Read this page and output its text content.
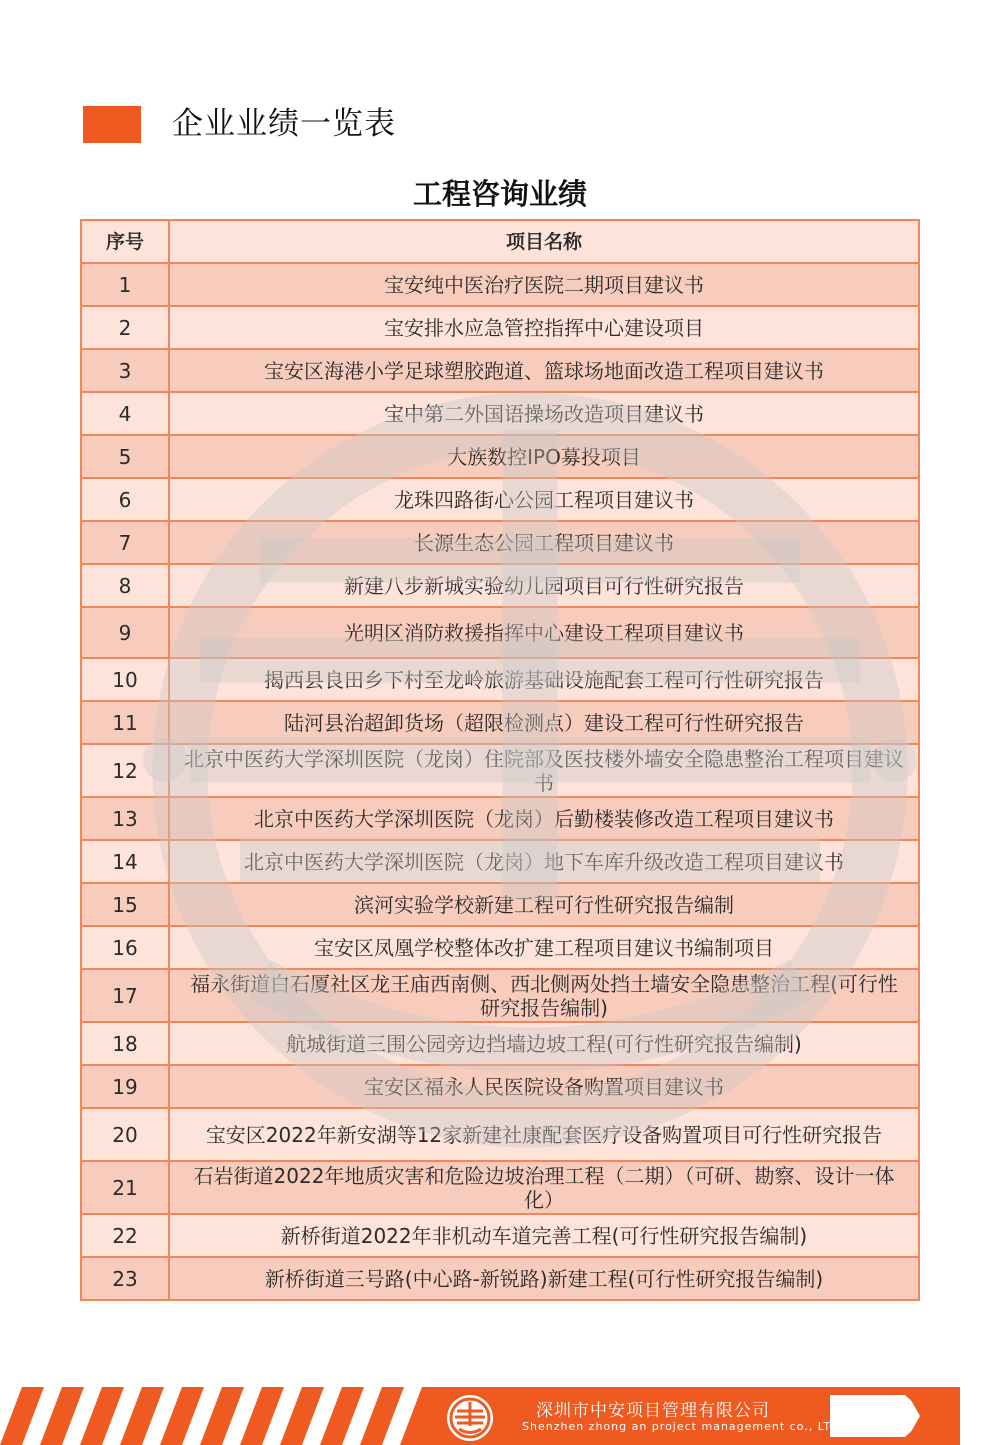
企业业绩一览表
工程咨询业绩
序号	项目名称
1	宝安纯中医治疗医院二期项目建议书
2	宝安排水应急管控指挥中心建设项目
3	宝安区海港小学足球塑胶跑道、篮球场地面改造工程项目建议书
4	宝中第二外国语操场改造项目建议书
5	大族数控IPO募投项目
6	龙珠四路街心公园工程项目建议书
7	长源生态公园工程项目建议书
8	新建八步新城实验幼儿园项目可行性研究报告
9	光明区消防救援指挥中心建设工程项目建议书
10	揭西县良田乡下村至龙岭旅游基础设施配套工程可行性研究报告
11	陆河县治超卸货场（超限检测点）建设工程可行性研究报告
12	北京中医药大学深圳医院（龙岗）住院部及医技楼外墙安全隐患整治工程项目建议书
13	北京中医药大学深圳医院（龙岗）后勤楼装修改造工程项目建议书
14	北京中医药大学深圳医院（龙岗）地下车库升级改造工程项目建议书
15	滨河实验学校新建工程可行性研究报告编制
16	宝安区凤凰学校整体改扩建工程项目建议书编制项目
17	福永街道白石厦社区龙王庙西南侧、西北侧两处挡土墙安全隐患整治工程(可行性研究报告编制)
18	航城街道三围公园旁边挡墙边坡工程(可行性研究报告编制)
19	宝安区福永人民医院设备购置项目建议书
20	宝安区2022年新安湖等12家新建社康配套医疗设备购置项目可行性研究报告
21	石岩街道2022年地质灾害和危险边坡治理工程（二期）（可研、勘察、设计一体化）
22	新桥街道2022年非机动车道完善工程(可行性研究报告编制)
23	新桥街道三号路(中心路-新锐路)新建工程(可行性研究报告编制)
深圳市中安项目管理有限公司
Shenzhen zhong an project management co., LTD
